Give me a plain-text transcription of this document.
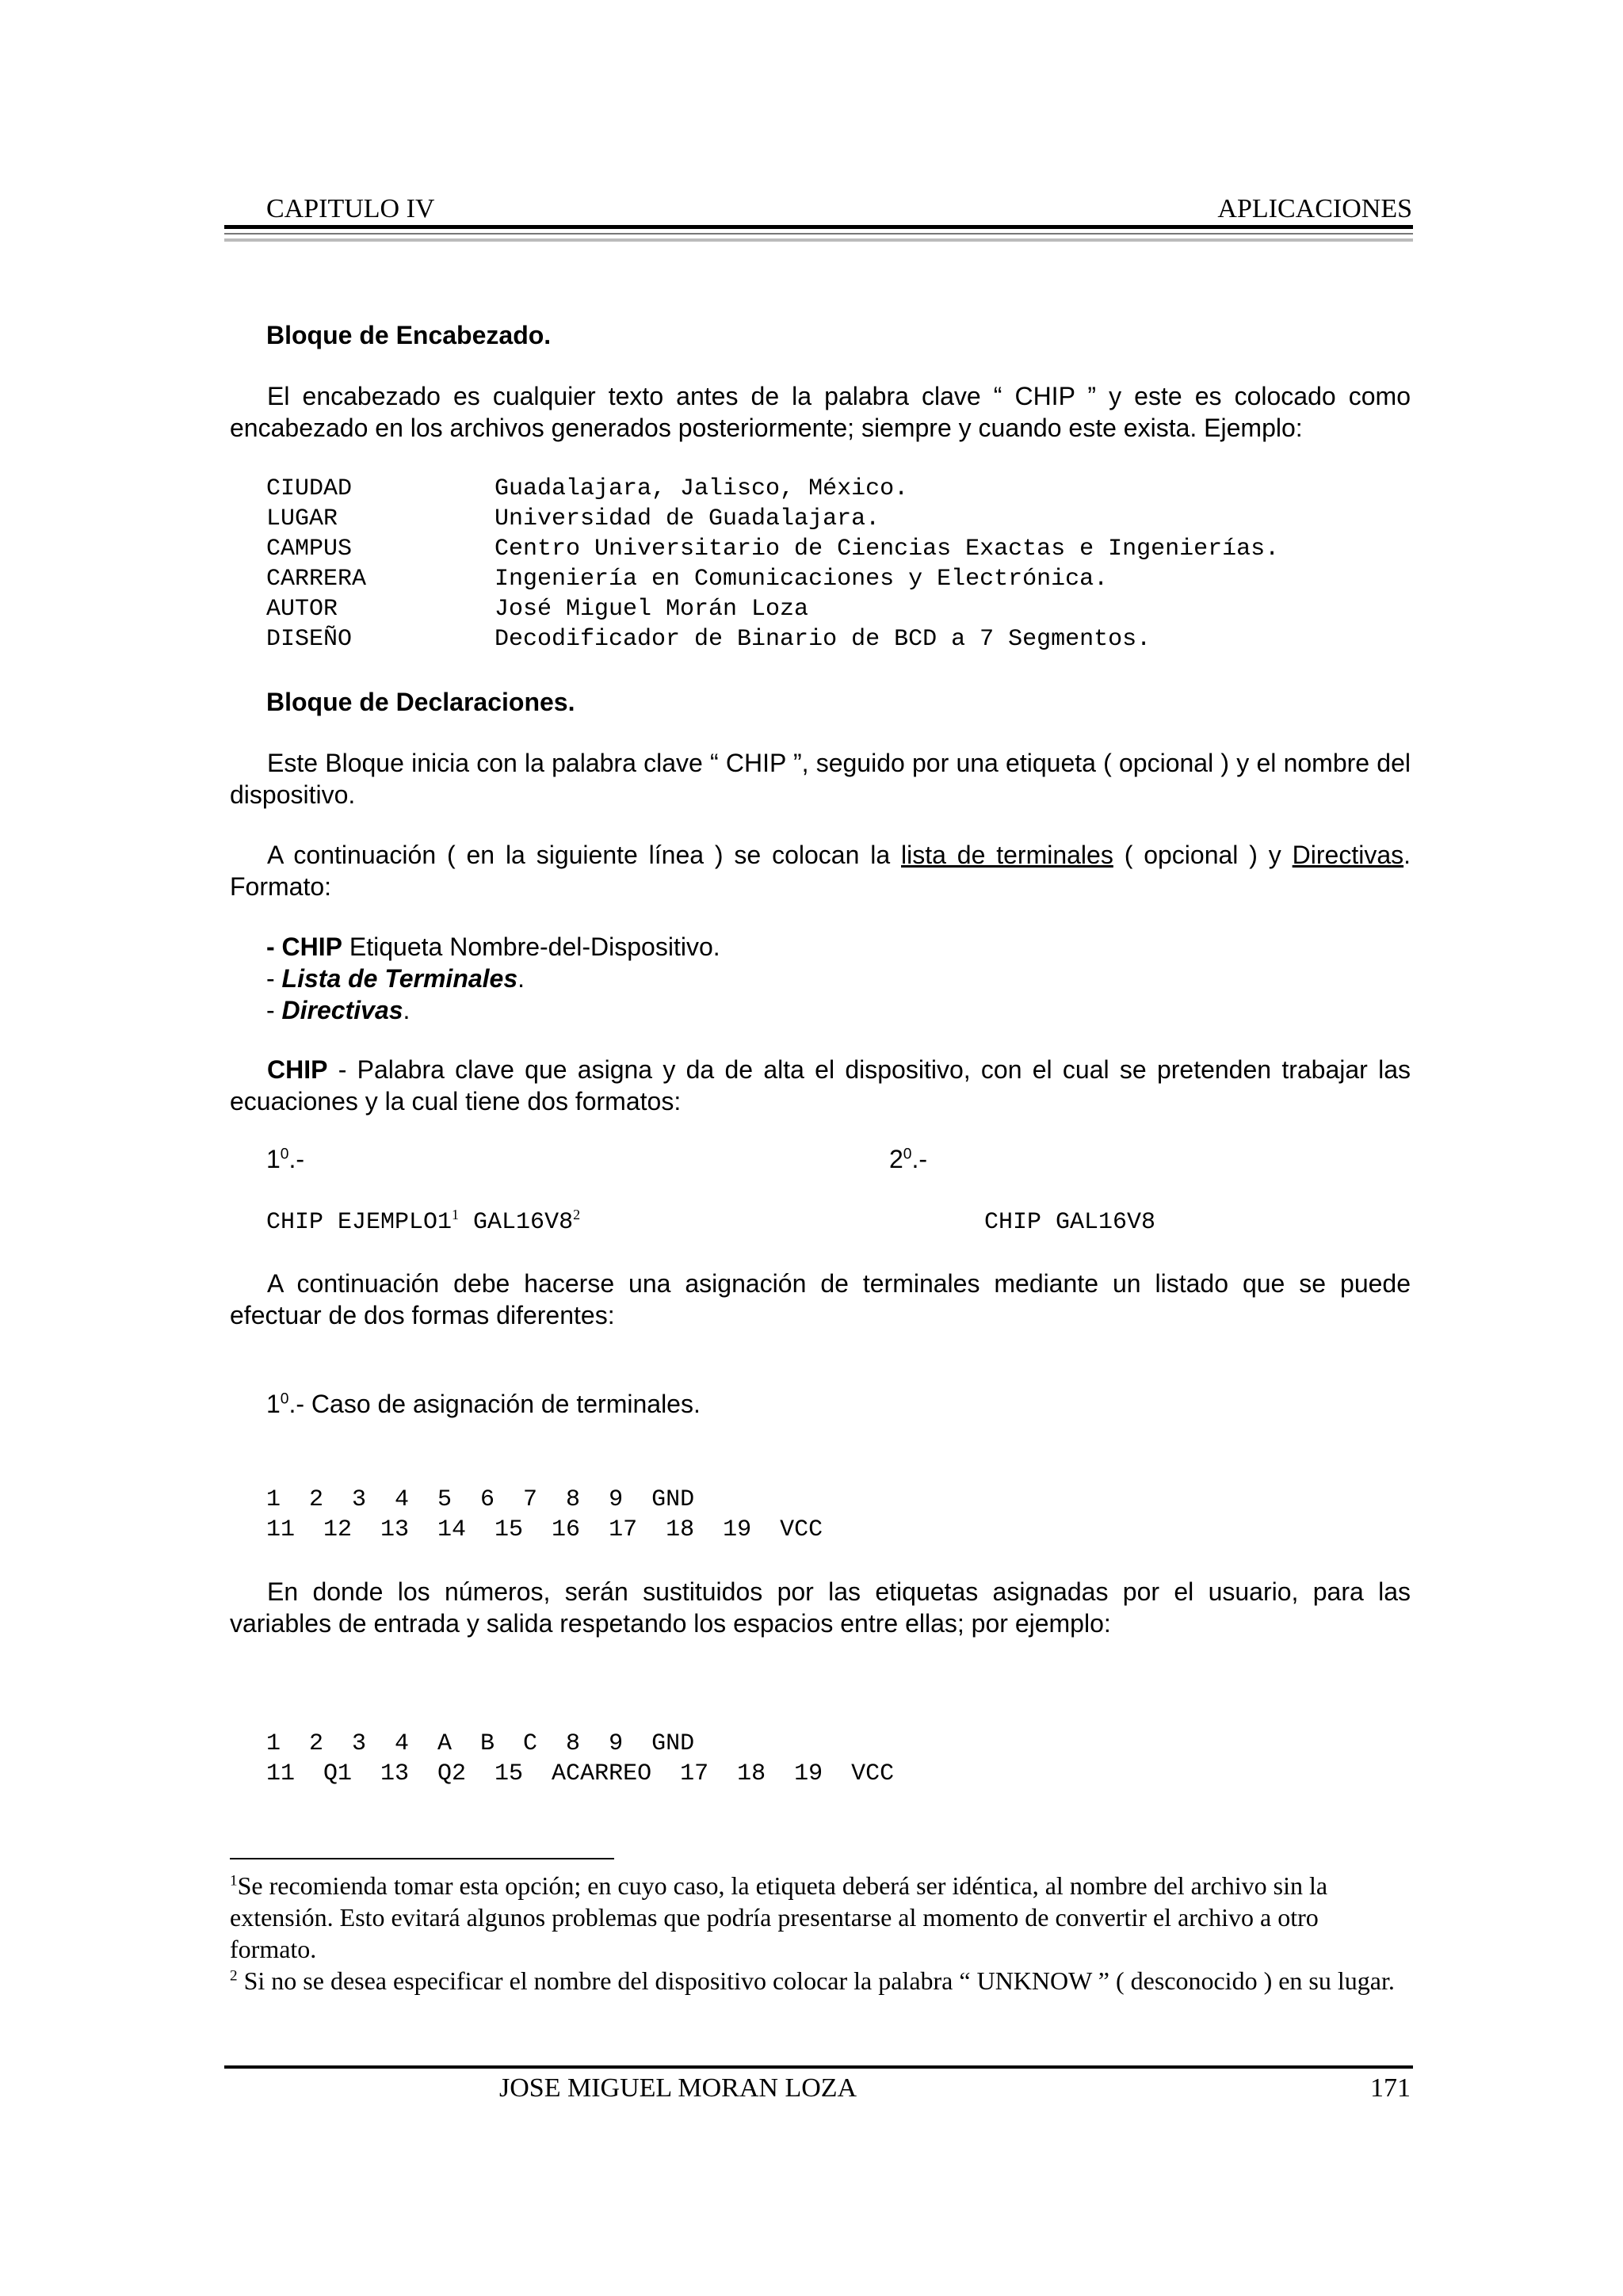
CAPITULO IV	APLICACIONES
Bloque de Encabezado.
El encabezado es cualquier texto antes de la palabra clave “ CHIP ” y este es colocado como encabezado en los archivos generados posteriormente; siempre y cuando este exista. Ejemplo:
CIUDAD	Guadalajara, Jalisco, México.
LUGAR	Universidad de Guadalajara.
CAMPUS	Centro Universitario de Ciencias Exactas e Ingenierías.
CARRERA	Ingeniería en Comunicaciones y Electrónica.
AUTOR	José Miguel Morán Loza
DISEÑO	Decodificador de Binario de BCD a 7 Segmentos.
Bloque de Declaraciones.
Este Bloque inicia con la palabra clave “ CHIP ”, seguido por una etiqueta ( opcional ) y el nombre del dispositivo.
A continuación ( en la siguiente línea ) se colocan la lista de terminales ( opcional ) y Directivas. Formato:
- CHIP Etiqueta Nombre-del-Dispositivo.
- Lista de Terminales.
- Directivas.
CHIP - Palabra clave que asigna y da de alta el dispositivo, con el cual se pretenden trabajar las ecuaciones y la cual tiene dos formatos:
$1^0.-$	$2^0.-$
CHIP $EJEMPLO1^1$ $GAL16V8^2$	CHIP GAL16V8
A continuación debe hacerse una asignación de terminales mediante un listado que se puede efectuar de dos formas diferentes:
$1^0.-$ Caso de asignación de terminales.

1  2  3  4  5  6  7  8  9  GND
11  12  13  14  15  16  17  18  19  VCC

En donde los números, serán sustituidos por las etiquetas asignadas por el usuario, para las variables de entrada y salida respetando los espacios entre ellas; por ejemplo:

1  2  3  4  A  B  C  8  9  GND
11  Q1  13  Q2  15  ACARREO  17  18  19  VCC

$^1$Se recomienda tomar esta opción; en cuyo caso, la etiqueta deberá ser idéntica, al nombre del archivo sin la extensión. Esto evitará algunos problemas que podría presentarse al momento de convertir el archivo a otro formato.
$^2$ Si no se desea especificar el nombre del dispositivo colocar la palabra “ UNKNOW ” ( desconocido ) en su lugar.
JOSE MIGUEL MORAN LOZA	171
